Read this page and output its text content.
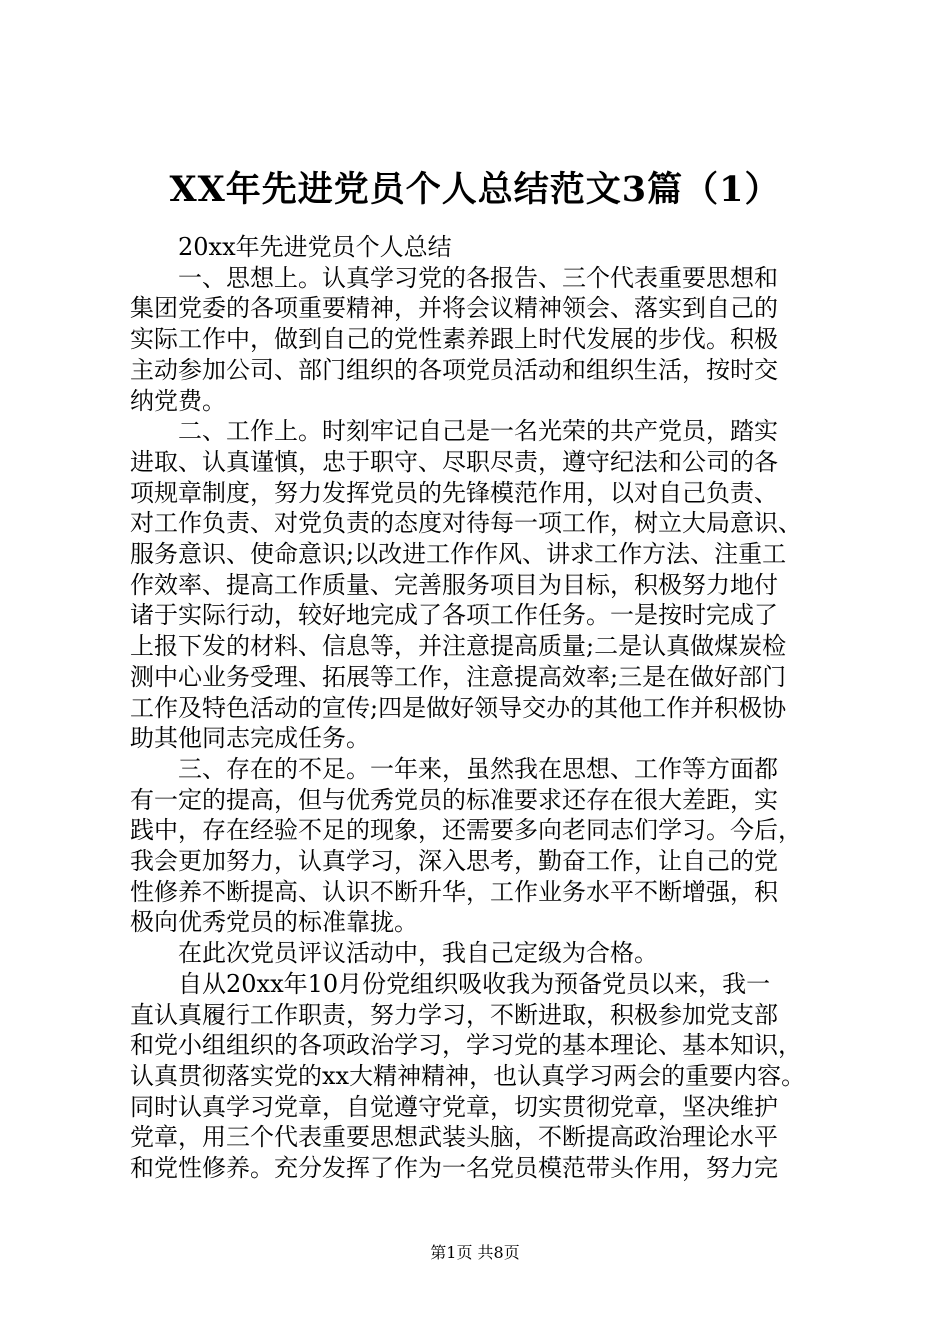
XX年先进党员个人总结范文3篇（1）
20xx年先进党员个人总结
一、思想上。认真学习党的各报告、三个代表重要思想和
集团党委的各项重要精神，并将会议精神领会、落实到自己的
实际工作中，做到自己的党性素养跟上时代发展的步伐。积极
主动参加公司、部门组织的各项党员活动和组织生活，按时交
纳党费。
二、工作上。时刻牢记自己是一名光荣的共产党员，踏实
进取、认真谨慎，忠于职守、尽职尽责，遵守纪法和公司的各
项规章制度，努力发挥党员的先锋模范作用，以对自己负责、
对工作负责、对党负责的态度对待每一项工作，树立大局意识、
服务意识、使命意识;以改进工作作风、讲求工作方法、注重工
作效率、提高工作质量、完善服务项目为目标，积极努力地付
诸于实际行动，较好地完成了各项工作任务。一是按时完成了
上报下发的材料、信息等，并注意提高质量;二是认真做煤炭检
测中心业务受理、拓展等工作，注意提高效率;三是在做好部门
工作及特色活动的宣传;四是做好领导交办的其他工作并积极协
助其他同志完成任务。
三、存在的不足。一年来，虽然我在思想、工作等方面都
有一定的提高，但与优秀党员的标准要求还存在很大差距，实
践中，存在经验不足的现象，还需要多向老同志们学习。今后，
我会更加努力，认真学习，深入思考，勤奋工作，让自己的党
性修养不断提高、认识不断升华，工作业务水平不断增强，积
极向优秀党员的标准靠拢。
在此次党员评议活动中，我自己定级为合格。
自从20xx年10月份党组织吸收我为预备党员以来，我一
直认真履行工作职责，努力学习，不断进取，积极参加党支部
和党小组组织的各项政治学习，学习党的基本理论、基本知识，
认真贯彻落实党的xx大精神精神，也认真学习两会的重要内容。
同时认真学习党章，自觉遵守党章，切实贯彻党章，坚决维护
党章，用三个代表重要思想武装头脑，不断提高政治理论水平
和党性修养。充分发挥了作为一名党员模范带头作用，努力完
第1页 共8页
